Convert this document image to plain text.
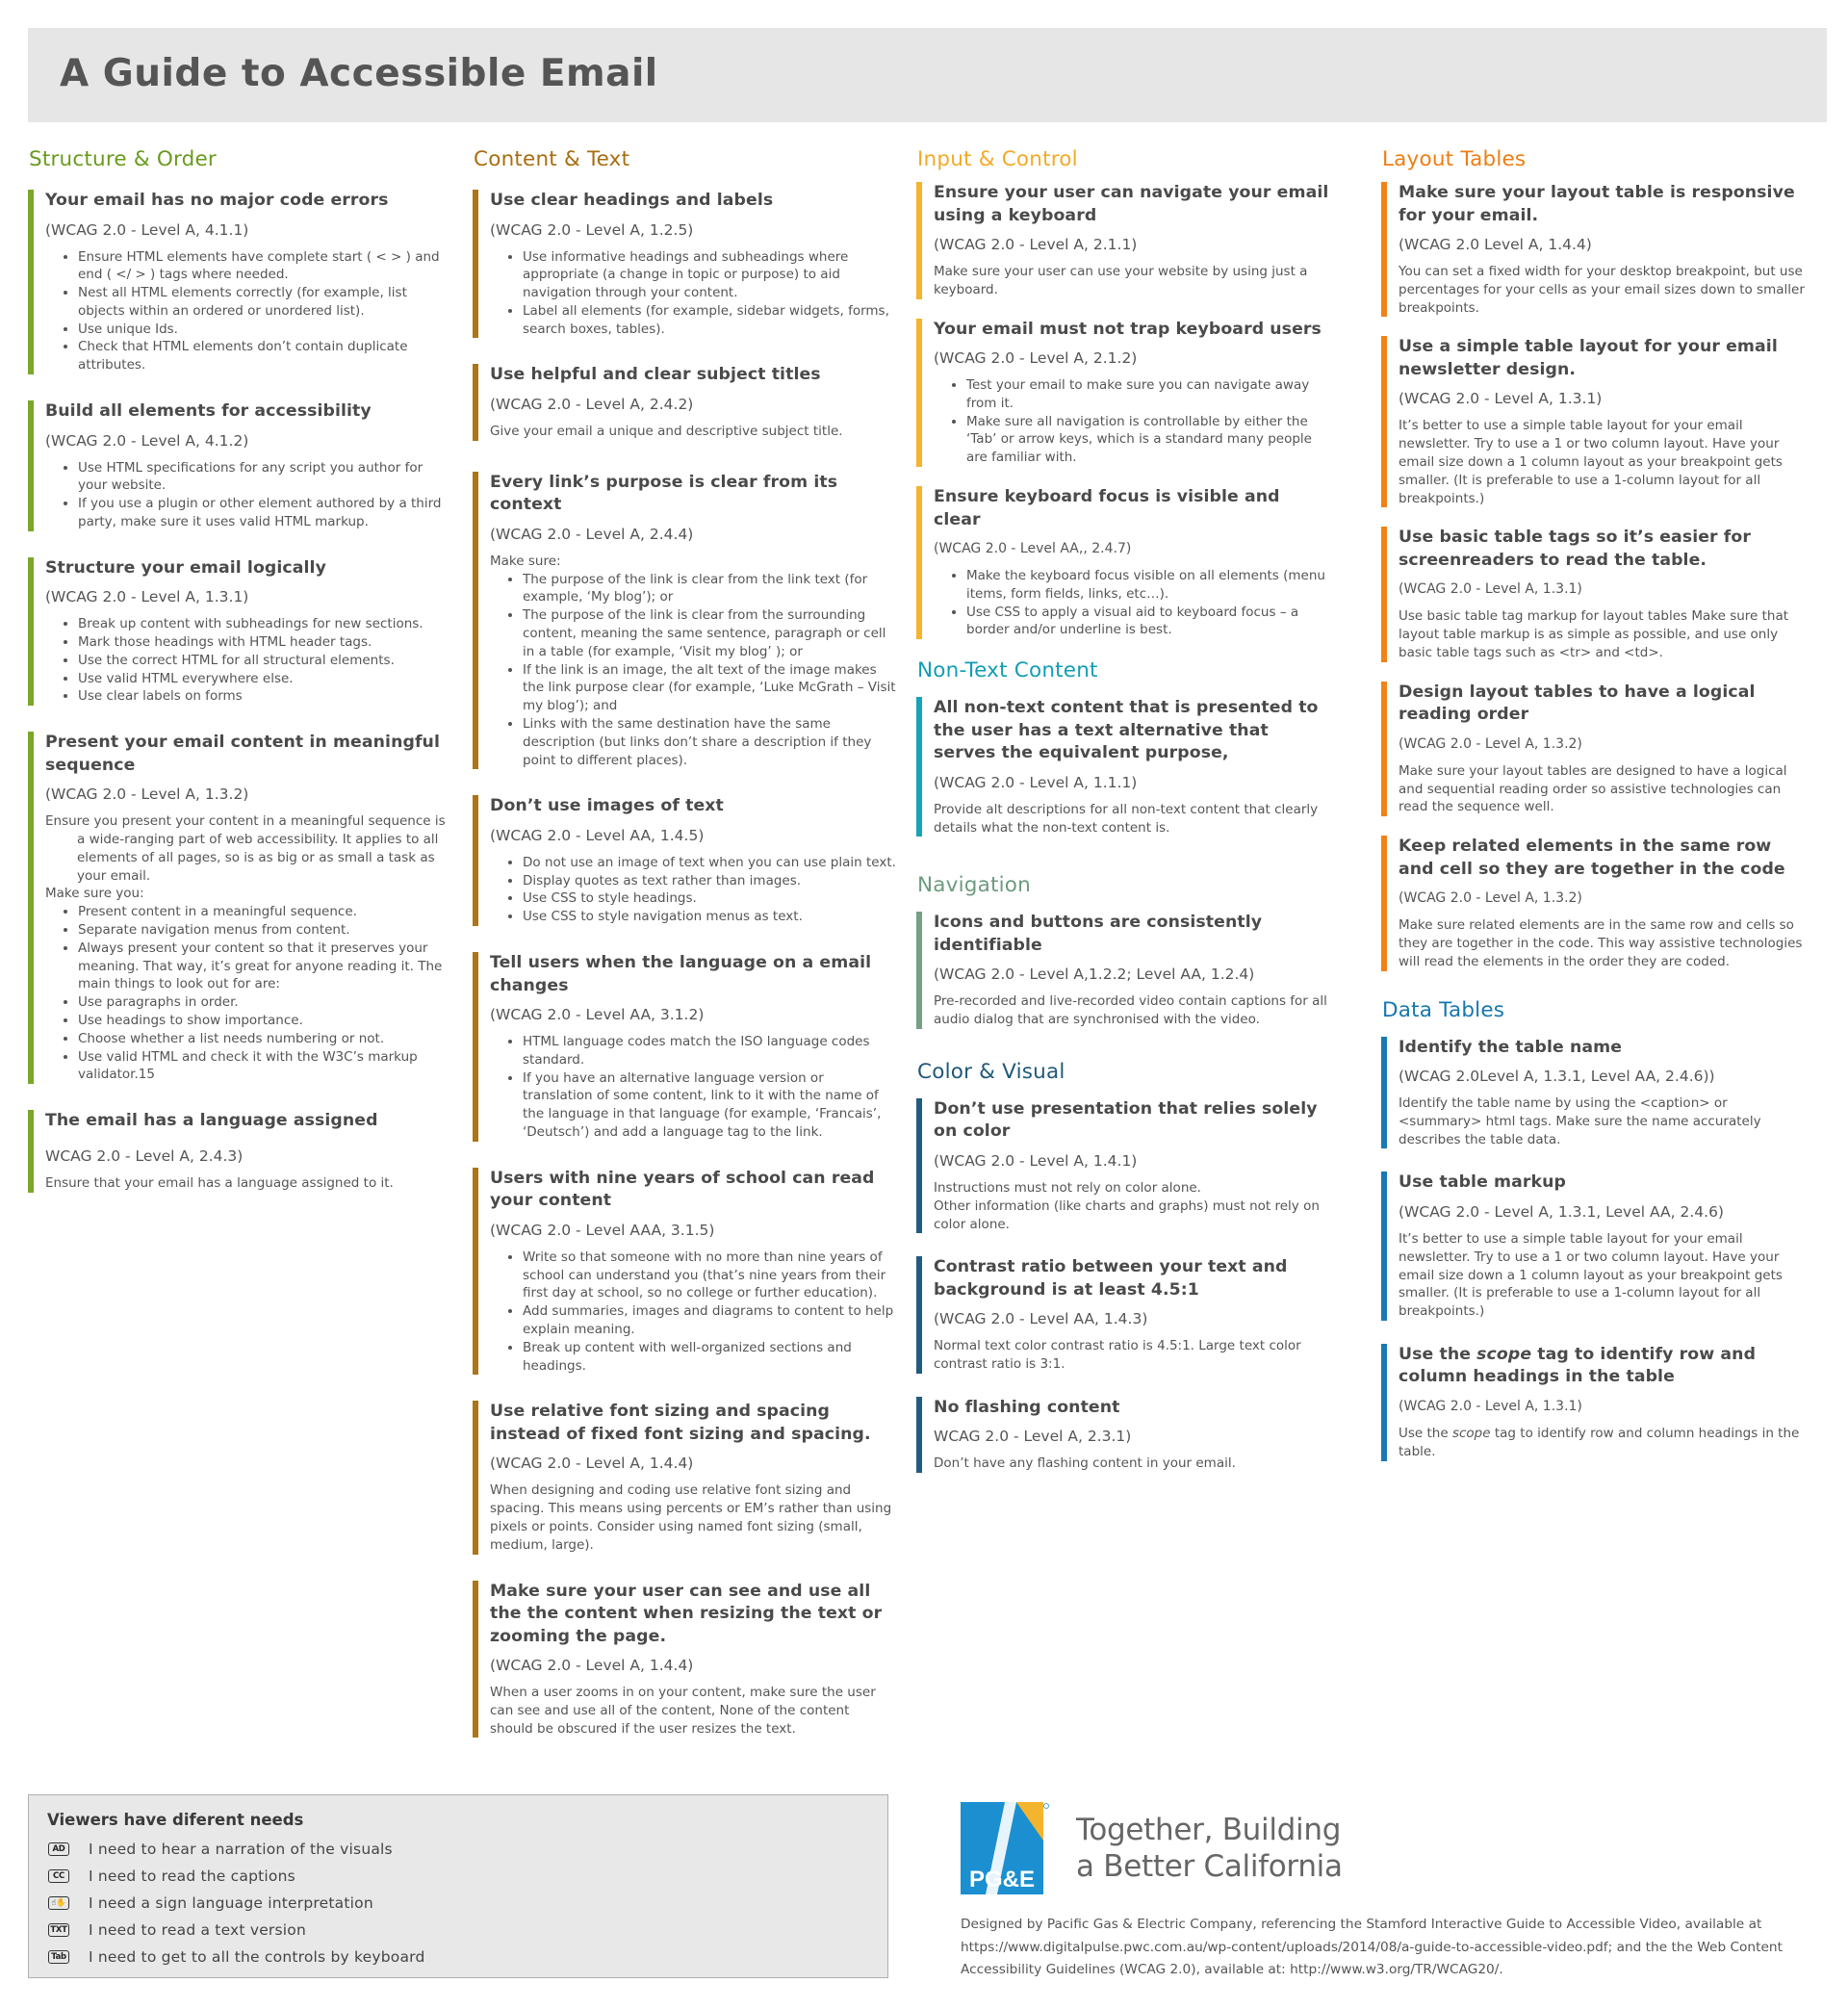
A Guide to Accessible Email
Structure & Order
Your email has no major code errors
(WCAG 2.0 - Level A, 4.1.1)
• Ensure HTML elements have complete start ( < > ) and end ( </ > ) tags where needed.
• Nest all HTML elements correctly (for example, list objects within an ordered or unordered list).
• Use unique Ids.
• Check that HTML elements don’t contain duplicate attributes.
Build all elements for accessibility
(WCAG 2.0 - Level A, 4.1.2)
• Use HTML specifications for any script you author for your website.
• If you use a plugin or other element authored by a third party, make sure it uses valid HTML markup.
Structure your email logically
(WCAG 2.0 - Level A, 1.3.1)
• Break up content with subheadings for new sections.
• Mark those headings with HTML header tags.
• Use the correct HTML for all structural elements.
• Use valid HTML everywhere else.
• Use clear labels on forms
Present your email content in meaningful sequence
(WCAG 2.0 - Level A, 1.3.2)

Ensure you present your content in a meaningful sequence is a wide-ranging part of web accessibility. It applies to all elements of all pages, so is as big or as small a task as your email.

Make sure you:

• Present content in a meaningful sequence.
• Separate navigation menus from content.
• Always present your content so that it preserves your meaning. That way, it’s great for anyone reading it. The main things to look out for are:
• Use paragraphs in order.
• Use headings to show importance.
• Choose whether a list needs numbering or not.
• Use valid HTML and check it with the W3C’s markup validator.15
The email has a language assigned
WCAG 2.0 - Level A, 2.4.3)

Ensure that your email has a language assigned to it.

Content & Text
Use clear headings and labels
(WCAG 2.0 - Level A, 1.2.5)
• Use informative headings and subheadings where appropriate (a change in topic or purpose) to aid navigation through your content.
• Label all elements (for example, sidebar widgets, forms, search boxes, tables).
Use helpful and clear subject titles
(WCAG 2.0 - Level A, 2.4.2)

Give your email a unique and descriptive subject title.

Every link’s purpose is clear from its context
(WCAG 2.0 - Level A, 2.4.4)

Make sure:

• The purpose of the link is clear from the link text (for example, ‘My blog’); or
• The purpose of the link is clear from the surrounding content, meaning the same sentence, paragraph or cell in a table (for example, ‘Visit my blog’ ); or
• If the link is an image, the alt text of the image makes the link purpose clear (for example, ‘Luke McGrath – Visit my blog’); and
• Links with the same destination have the same description (but links don’t share a description if they point to different places).
Don’t use images of text
(WCAG 2.0 - Level AA, 1.4.5)
• Do not use an image of text when you can use plain text.
• Display quotes as text rather than images.
• Use CSS to style headings.
• Use CSS to style navigation menus as text.
Tell users when the language on a email changes
(WCAG 2.0 - Level AA, 3.1.2)
• HTML language codes match the ISO language codes standard.
• If you have an alternative language version or translation of some content, link to it with the name of the language in that language (for example, ‘Francais’, ‘Deutsch’) and add a language tag to the link.
Users with nine years of school can read your content
(WCAG 2.0 - Level AAA, 3.1.5)
• Write so that someone with no more than nine years of school can understand you (that’s nine years from their first day at school, so no college or further education).
• Add summaries, images and diagrams to content to help explain meaning.
• Break up content with well-organized sections and headings.
Use relative font sizing and spacing instead of fixed font sizing and spacing.
(WCAG 2.0 - Level A, 1.4.4)

When designing and coding use relative font sizing and spacing. This means using percents or EM’s rather than using pixels or points. Consider using named font sizing (small, medium, large).

Make sure your user can see and use all the the content when resizing the text or zooming the page.
(WCAG 2.0 - Level A, 1.4.4)

When a user zooms in on your content, make sure the user can see and use all of the content, None of the content should be obscured if the user resizes the text.

Input & Control
Ensure your user can navigate your email using a keyboard
(WCAG 2.0 - Level A, 2.1.1)

Make sure your user can use your website by using just a keyboard.

Your email must not trap keyboard users
(WCAG 2.0 - Level A, 2.1.2)
• Test your email to make sure you can navigate away from it.
• Make sure all navigation is controllable by either the ‘Tab’ or arrow keys, which is a standard many people are familiar with.
Ensure keyboard focus is visible and clear
(WCAG 2.0 - Level AA,, 2.4.7)
• Make the keyboard focus visible on all elements (menu items, form fields, links, etc…).
• Use CSS to apply a visual aid to keyboard focus – a border and/or underline is best.
Non-Text Content
All non-text content that is presented to the user has a text alternative that serves the equivalent purpose,
(WCAG 2.0 - Level A, 1.1.1)

Provide alt descriptions for all non-text content that clearly details what the non-text content is.

Navigation
Icons and buttons are consistently identifiable
(WCAG 2.0 - Level A,1.2.2; Level AA, 1.2.4)

Pre-recorded and live-recorded video contain captions for all audio dialog that are synchronised with the video.

Color & Visual
Don’t use presentation that relies solely on color
(WCAG 2.0 - Level A, 1.4.1)

Instructions must not rely on color alone.

Other information (like charts and graphs) must not rely on color alone.

Contrast ratio between your text and background is at least 4.5:1
(WCAG 2.0 - Level AA, 1.4.3)

Normal text color contrast ratio is 4.5:1. Large text color contrast ratio is 3:1.

No flashing content
WCAG 2.0 - Level A, 2.3.1)

Don’t have any flashing content in your email.

Layout Tables
Make sure your layout table is responsive for your email.
(WCAG 2.0 Level A, 1.4.4)

You can set a fixed width for your desktop breakpoint, but use percentages for your cells as your email sizes down to smaller breakpoints.

Use a simple table layout for your email newsletter design.
(WCAG 2.0 - Level A, 1.3.1)

It’s better to use a simple table layout for your email newsletter. Try to use a 1 or two column layout. Have your email size down a 1 column layout as your breakpoint gets smaller. (It is preferable to use a 1-column layout for all breakpoints.)

Use basic table tags so it’s easier for screenreaders to read the table.
(WCAG 2.0 - Level A, 1.3.1)

Use basic table tag markup for layout tables Make sure that layout table markup is as simple as possible, and use only basic table tags such as <tr> and <td>.

Design layout tables to have a logical reading order
(WCAG 2.0 - Level A, 1.3.2)

Make sure your layout tables are designed to have a logical and sequential reading order so assistive technologies can read the sequence well.

Keep related elements in the same row and cell so they are together in the code
(WCAG 2.0 - Level A, 1.3.2)

Make sure related elements are in the same row and cells so they are together in the code. This way assistive technologies will read the elements in the order they are coded.

Data Tables
Identify the table name
(WCAG 2.0Level A, 1.3.1, Level AA, 2.4.6))

Identify the table name by using the <caption> or <summary> html tags. Make sure the name accurately describes the table data.

Use table markup
(WCAG 2.0 - Level A, 1.3.1, Level AA, 2.4.6)

It’s better to use a simple table layout for your email newsletter. Try to use a 1 or two column layout. Have your email size down a 1 column layout as your breakpoint gets smaller. (It is preferable to use a 1-column layout for all breakpoints.)

Use the scope tag to identify row and column headings in the table
(WCAG 2.0 - Level A, 1.3.1)

Use the scope tag to identify row and column headings in the table.

Viewers have diferent needs
AD I need to hear a narration of the visuals
CC	I need to read the captions
☝✋ I need a sign language interpretation
TXT I need to read a text version
Tab I need to get to all the controls by keyboard
PG&E
Together, Building
a Better California
Designed by Pacific Gas & Electric Company, referencing the Stamford Interactive Guide to Accessible Video, available at https://www.digitalpulse.pwc.com.au/wp-content/uploads/2014/08/a-guide-to-accessible-video.pdf; and the the Web Content Accessibility Guidelines (WCAG 2.0), available at: http://www.w3.org/TR/WCAG20/.
